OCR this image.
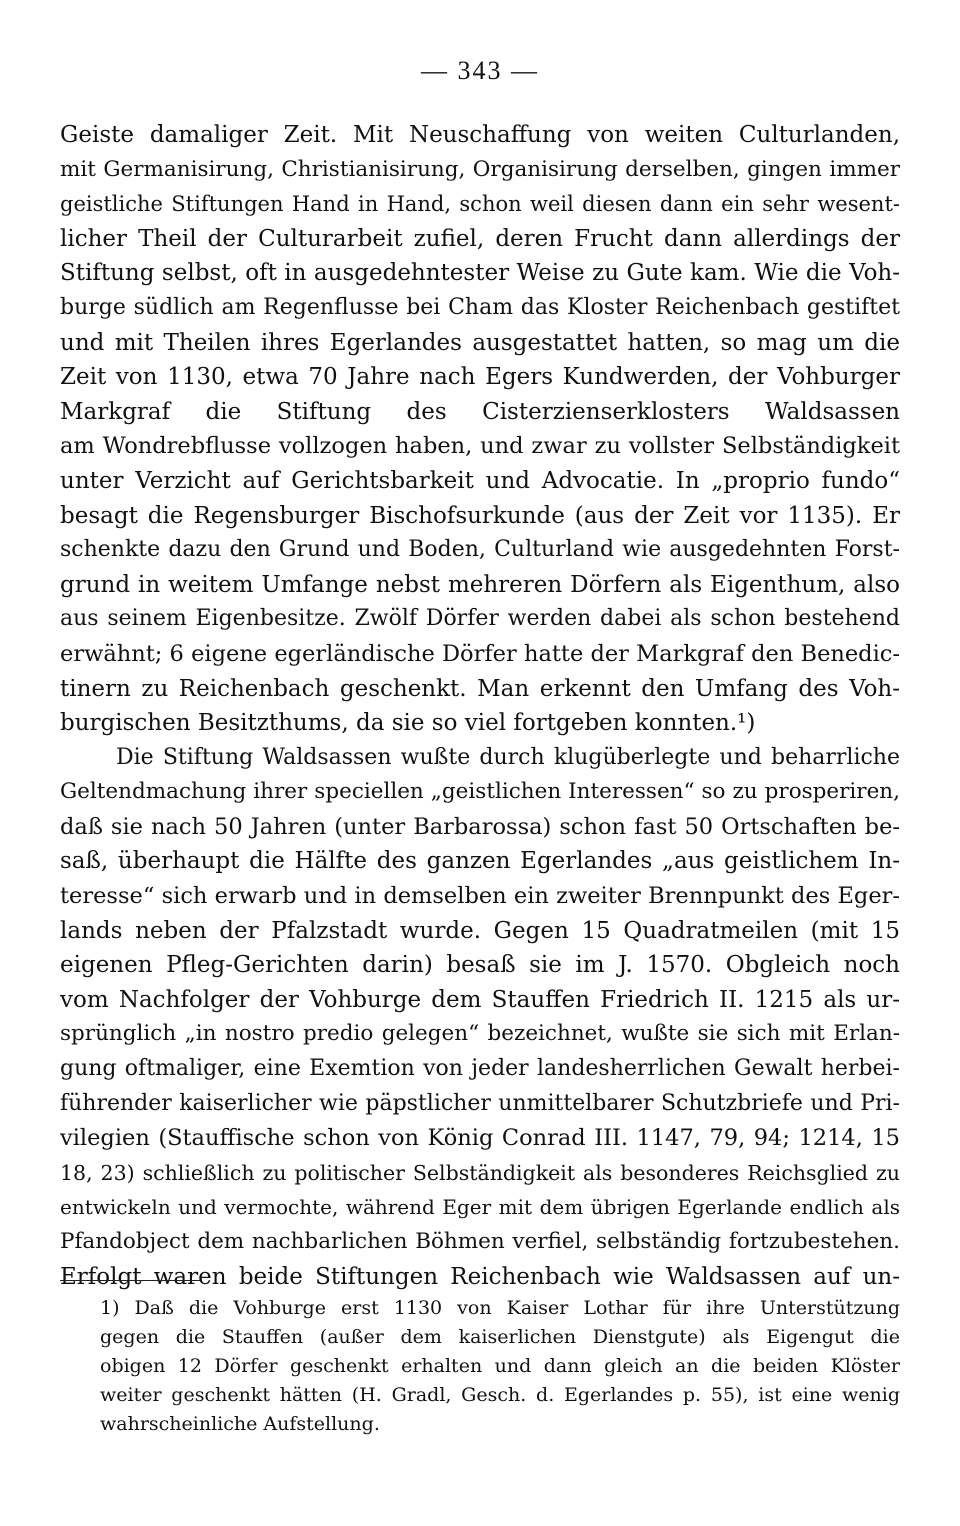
— 343 —
Geiste damaliger Zeit. Mit Neuschaffung von weiten Culturlanden,
mit Germanisirung, Christianisirung, Organisirung derselben, gingen immer
geistliche Stiftungen Hand in Hand, schon weil diesen dann ein sehr wesent-
licher Theil der Culturarbeit zufiel, deren Frucht dann allerdings der
Stiftung selbst, oft in ausgedehntester Weise zu Gute kam. Wie die Voh-
burge südlich am Regenflusse bei Cham das Kloster Reichenbach gestiftet
und mit Theilen ihres Egerlandes ausgestattet hatten, so mag um die
Zeit von 1130, etwa 70 Jahre nach Egers Kundwerden, der Vohburger
Markgraf die Stiftung des Cisterzienserklosters Waldsassen
am Wondrebflusse vollzogen haben, und zwar zu vollster Selbständigkeit
unter Verzicht auf Gerichtsbarkeit und Advocatie. In „proprio fundo“
besagt die Regensburger Bischofsurkunde (aus der Zeit vor 1135). Er
schenkte dazu den Grund und Boden, Culturland wie ausgedehnten Forst-
grund in weitem Umfange nebst mehreren Dörfern als Eigenthum, also
aus seinem Eigenbesitze. Zwölf Dörfer werden dabei als schon bestehend
erwähnt; 6 eigene egerländische Dörfer hatte der Markgraf den Benedic-
tinern zu Reichenbach geschenkt. Man erkennt den Umfang des Voh-
burgischen Besitzthums, da sie so viel fortgeben konnten.¹)
Die Stiftung Waldsassen wußte durch klugüberlegte und beharrliche
Geltendmachung ihrer speciellen „geistlichen Interessen“ so zu prosperiren,
daß sie nach 50 Jahren (unter Barbarossa) schon fast 50 Ortschaften be-
saß, überhaupt die Hälfte des ganzen Egerlandes „aus geistlichem In-
teresse“ sich erwarb und in demselben ein zweiter Brennpunkt des Eger-
lands neben der Pfalzstadt wurde. Gegen 15 Quadratmeilen (mit 15
eigenen Pfleg-Gerichten darin) besaß sie im J. 1570. Obgleich noch
vom Nachfolger der Vohburge dem Stauffen Friedrich II. 1215 als ur-
sprünglich „in nostro predio gelegen“ bezeichnet, wußte sie sich mit Erlan-
gung oftmaliger, eine Exemtion von jeder landesherrlichen Gewalt herbei-
führender kaiserlicher wie päpstlicher unmittelbarer Schutzbriefe und Pri-
vilegien (Stauffische schon von König Conrad III. 1147, 79, 94; 1214, 15
18, 23) schließlich zu politischer Selbständigkeit als besonderes Reichsglied zu
entwickeln und vermochte, während Eger mit dem übrigen Egerlande endlich als
Pfandobject dem nachbarlichen Böhmen verfiel, selbständig fortzubestehen.
Erfolgt waren beide Stiftungen Reichenbach wie Waldsassen auf un-
1) Daß die Vohburge erst 1130 von Kaiser Lothar für ihre Unterstützung
gegen die Stauffen (außer dem kaiserlichen Dienstgute) als Eigengut die
obigen 12 Dörfer geschenkt erhalten und dann gleich an die beiden Klöster
weiter geschenkt hätten (H. Gradl, Gesch. d. Egerlandes p. 55), ist eine wenig
wahrscheinliche Aufstellung.
